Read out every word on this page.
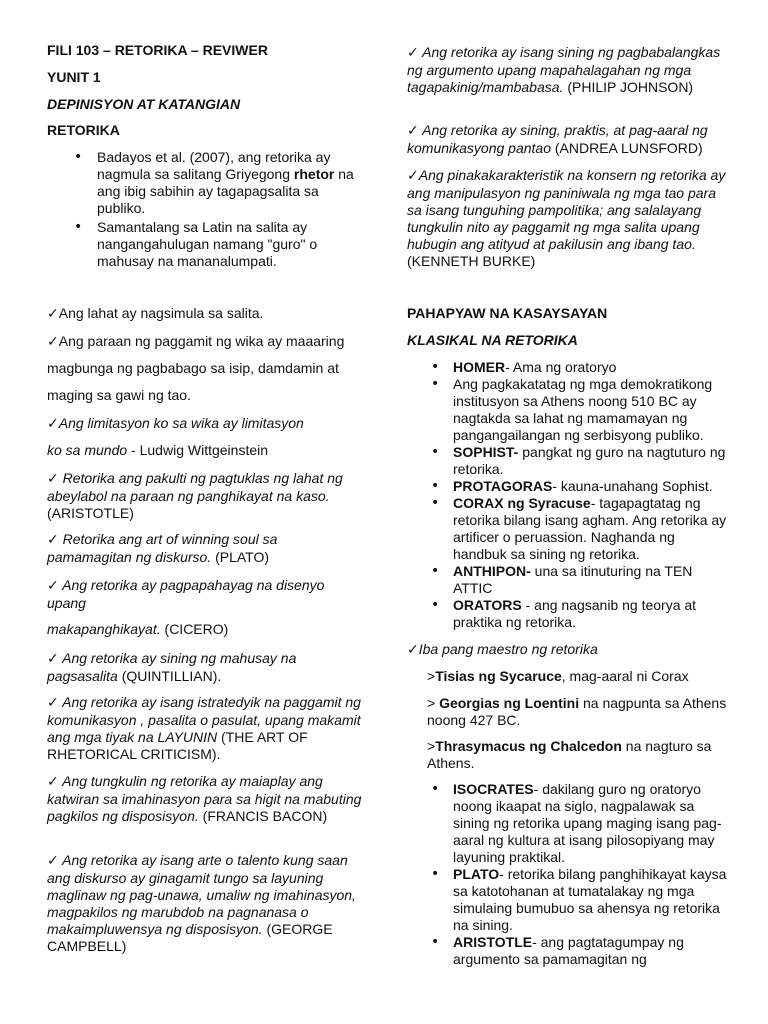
FILI 103 – RETORIKA – REVIWER

YUNIT 1

DEPINISYON AT KATANGIAN

RETORIKA

• Badayos et al. (2007), ang retorika ay nagmula sa salitang Griyegong rhetor na ang ibig sabihin ay tagapagsalita sa publiko.
• Samantalang sa Latin na salita ay nangangahulugan namang "guro" o mahusay na mananalumpati.

✓Ang lahat ay nagsimula sa salita.

✓Ang paraan ng paggamit ng wika ay maaaring

magbunga ng pagbabago sa isip, damdamin at

maging sa gawi ng tao.

✓Ang limitasyon ko sa wika ay limitasyon

ko sa mundo - Ludwig Wittgeinstein

✓ Retorika ang pakulti ng pagtuklas ng lahat ng abeylabol na paraan ng panghikayat na kaso. (ARISTOTLE)

✓ Retorika ang art of winning soul sa pamamagitan ng diskurso. (PLATO)

✓ Ang retorika ay pagpapahayag na disenyo upang

makapanghikayat. (CICERO)

✓ Ang retorika ay sining ng mahusay na pagsasalita (QUINTILLIAN).

✓ Ang retorika ay isang istratedyik na paggamit ng komunikasyon , pasalita o pasulat, upang makamit ang mga tiyak na LAYUNIN (THE ART OF RHETORICAL CRITICISM).

✓ Ang tungkulin ng retorika ay maiaplay ang katwiran sa imahinasyon para sa higit na mabuting pagkilos ng disposisyon. (FRANCIS BACON)

✓ Ang retorika ay isang arte o talento kung saan ang diskurso ay ginagamit tungo sa layuning maglinaw ng pag-unawa, umaliw ng imahinasyon, magpakilos ng marubdob na pagnanasa o makaimpluwensya ng disposisyon. (GEORGE CAMPBELL)

✓ Ang retorika ay isang sining ng pagbabalangkas ng argumento upang mapahalagahan ng mga tagapakinig/mambabasa. (PHILIP JOHNSON)

✓ Ang retorika ay sining, praktis, at pag-aaral ng komunikasyong pantao (ANDREA LUNSFORD)

✓Ang pinakakarakteristik na konsern ng retorika ay ang manipulasyon ng paniniwala ng mga tao para sa isang tunguhing pampolitika; ang salalayang tungkulin nito ay paggamit ng mga salita upang hubugin ang atityud at pakilusin ang ibang tao. (KENNETH BURKE)

PAHAPYAW NA KASAYSAYAN

KLASIKAL NA RETORIKA

• HOMER- Ama ng oratoryo
• Ang pagkakatatag ng mga demokratikong institusyon sa Athens noong 510 BC ay nagtakda sa lahat ng mamamayan ng pangangailangan ng serbisyong publiko.
• SOPHIST- pangkat ng guro na nagtuturo ng retorika.
• PROTAGORAS- kauna-unahang Sophist.
• CORAX ng Syracuse- tagapagtatag ng retorika bilang isang agham. Ang retorika ay artificer o peruassion. Naghanda ng handbuk sa sining ng retorika.
• ANTHIPON- una sa itinuturing na TEN ATTIC
• ORATORS - ang nagsanib ng teorya at praktika ng retorika.

✓Iba pang maestro ng retorika

>Tisias ng Sycaruce, mag-aaral ni Corax

> Georgias ng Loentini na nagpunta sa Athens noong 427 BC.

>Thrasymacus ng Chalcedon na nagturo sa Athens.

• ISOCRATES- dakilang guro ng oratoryo noong ikaapat na siglo, nagpalawak sa sining ng retorika upang maging isang pag-aaral ng kultura at isang pilosopiyang may layuning praktikal.
• PLATO- retorika bilang panghihikayat kaysa sa katotohanan at tumatalakay ng mga simulaing bumubuo sa ahensya ng retorika na sining.
• ARISTOTLE- ang pagtatagumpay ng argumento sa pamamagitan ng
